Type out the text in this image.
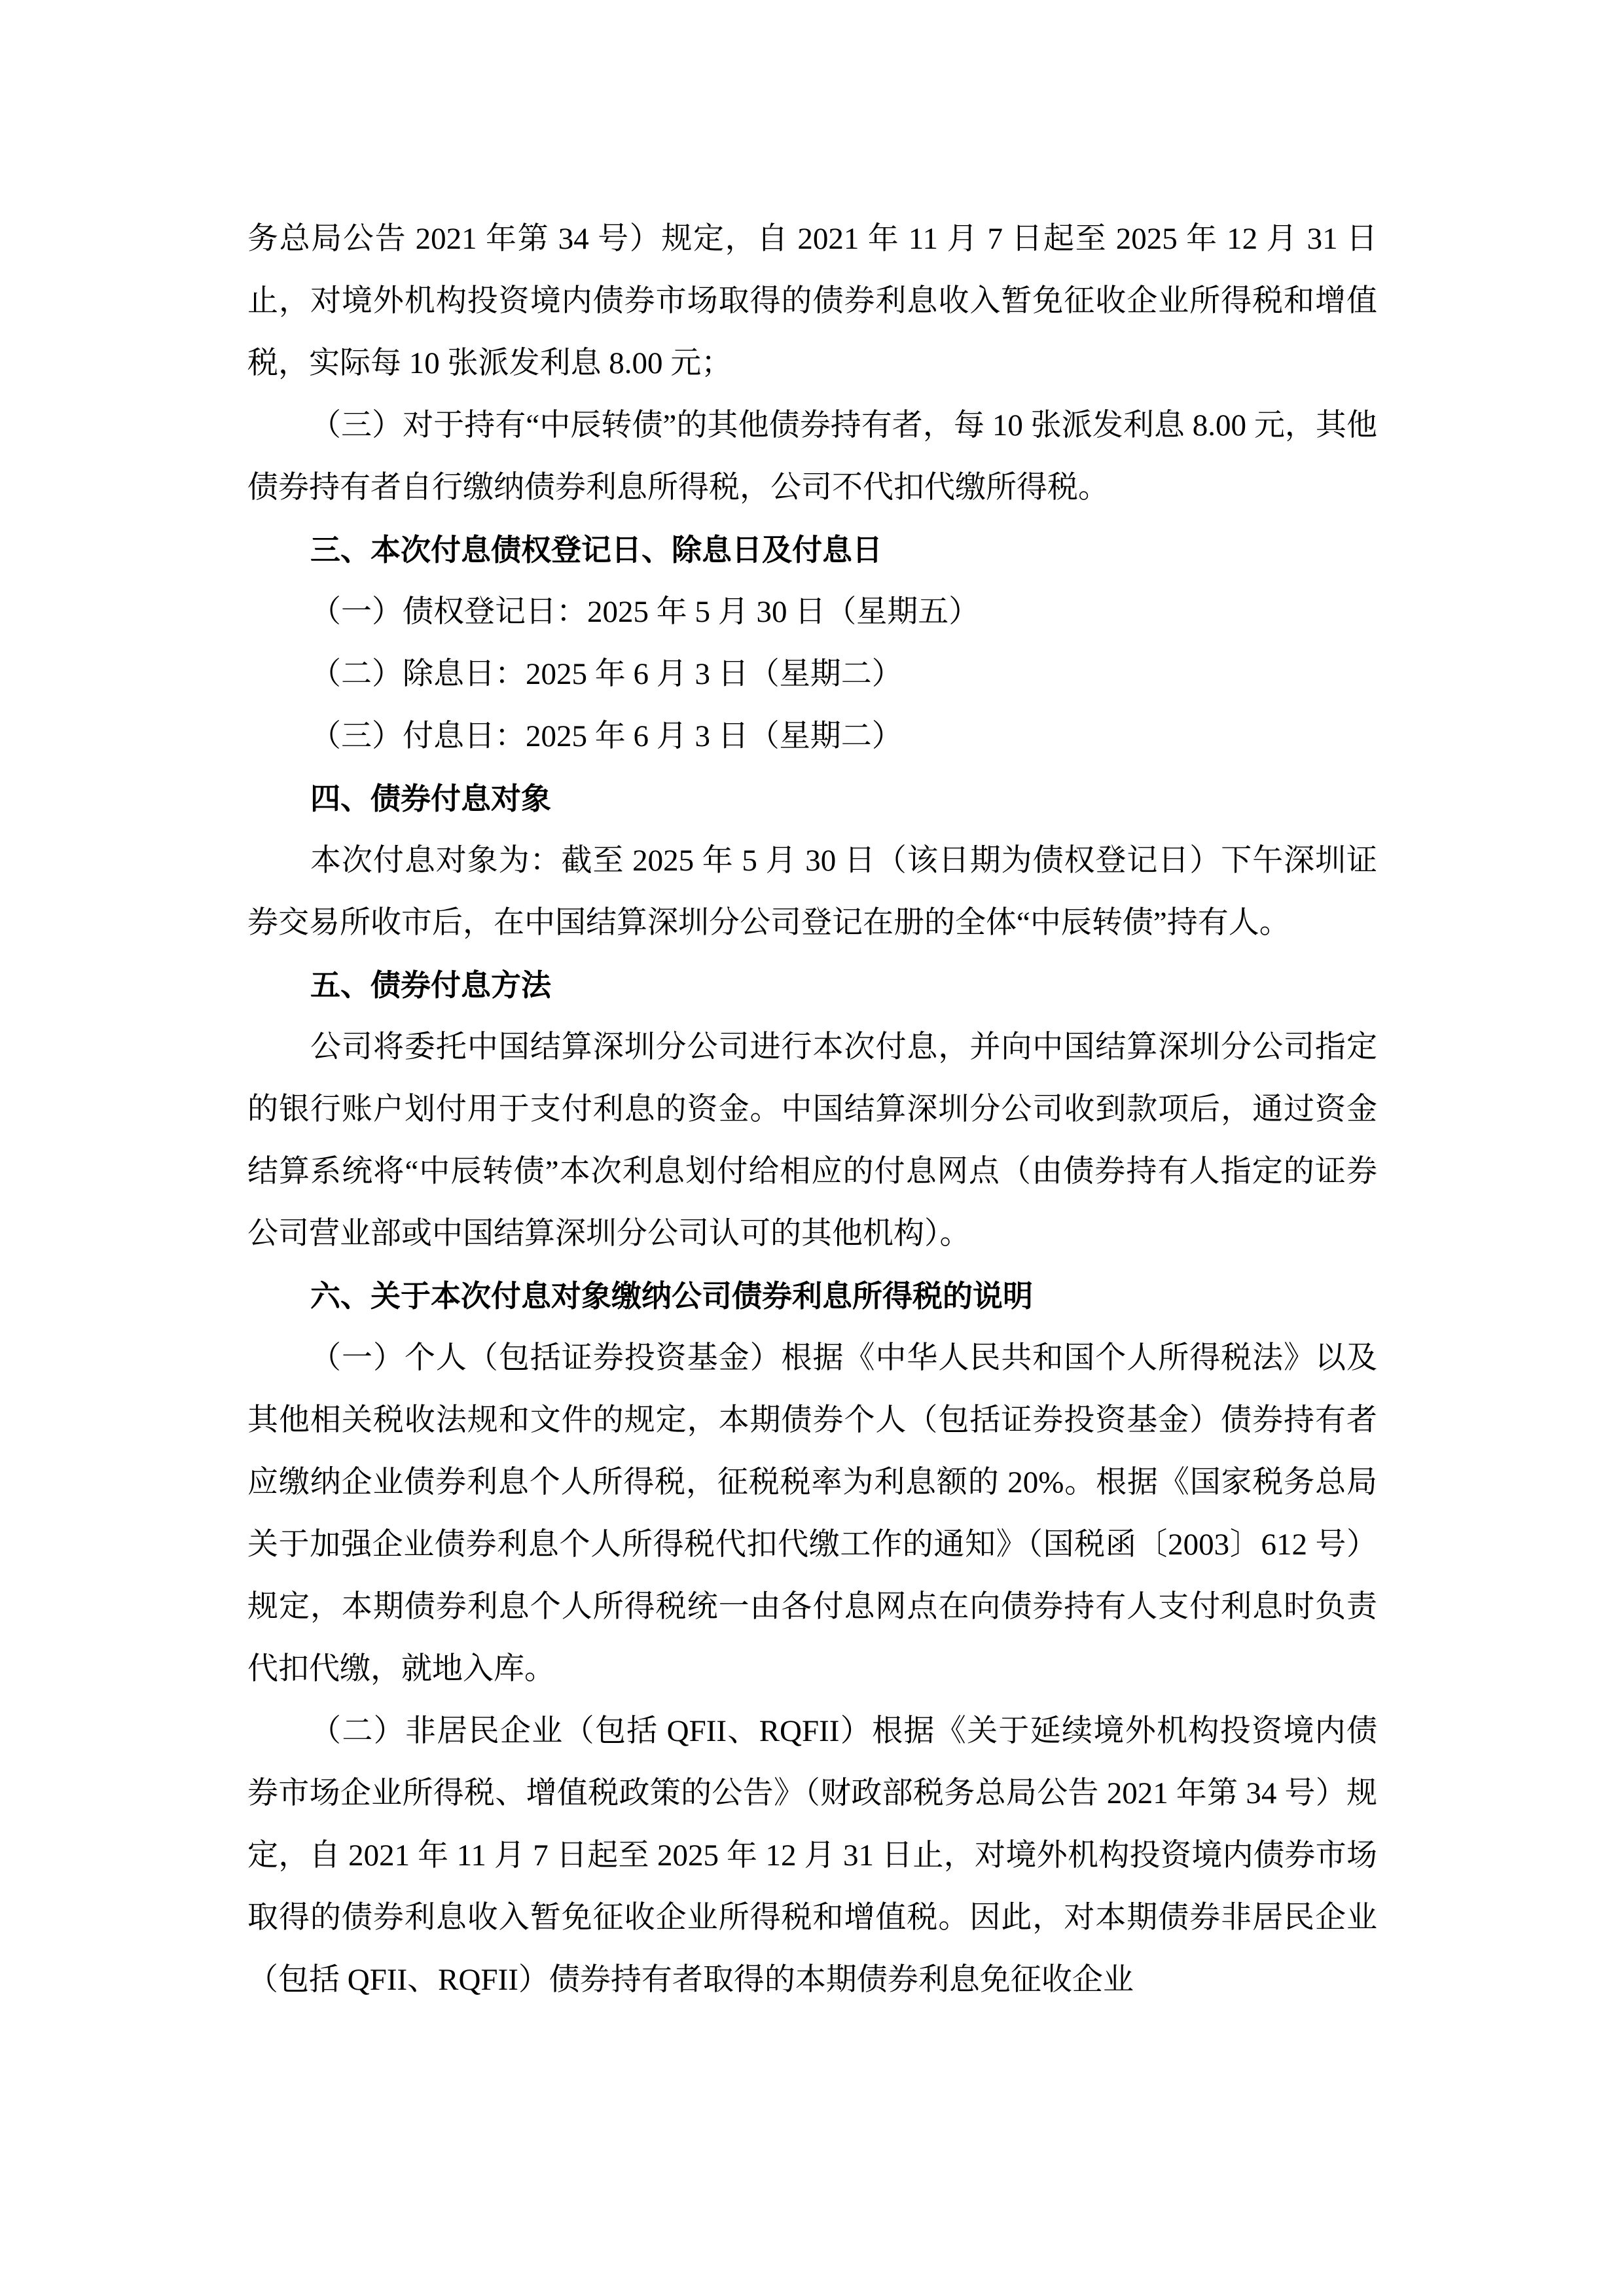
务总局公告 2021 年第 34 号）规定，自 2021 年 11 月 7 日起至 2025 年 12 月 31 日止，对境外机构投资境内债券市场取得的债券利息收入暂免征收企业所得税和增值税，实际每 10 张派发利息 8.00 元；

（三）对于持有“中辰转债”的其他债券持有者，每 10 张派发利息 8.00 元，其他债券持有者自行缴纳债券利息所得税，公司不代扣代缴所得税。

三、本次付息债权登记日、除息日及付息日

（一）债权登记日：2025 年 5 月 30 日（星期五）

（二）除息日：2025 年 6 月 3 日（星期二）

（三）付息日：2025 年 6 月 3 日（星期二）

四、债券付息对象

本次付息对象为：截至 2025 年 5 月 30 日（该日期为债权登记日）下午深圳证券交易所收市后，在中国结算深圳分公司登记在册的全体“中辰转债”持有人。

五、债券付息方法

公司将委托中国结算深圳分公司进行本次付息，并向中国结算深圳分公司指定的银行账户划付用于支付利息的资金。中国结算深圳分公司收到款项后，通过资金结算系统将“中辰转债”本次利息划付给相应的付息网点（由债券持有人指定的证券公司营业部或中国结算深圳分公司认可的其他机构）。

六、关于本次付息对象缴纳公司债券利息所得税的说明

（一）个人（包括证券投资基金）根据《中华人民共和国个人所得税法》以及其他相关税收法规和文件的规定，本期债券个人（包括证券投资基金）债券持有者应缴纳企业债券利息个人所得税，征税税率为利息额的 20%。根据《国家税务总局关于加强企业债券利息个人所得税代扣代缴工作的通知》（国税函〔2003〕612 号）规定，本期债券利息个人所得税统一由各付息网点在向债券持有人支付利息时负责代扣代缴，就地入库。

（二）非居民企业（包括 QFII、RQFII）根据《关于延续境外机构投资境内债券市场企业所得税、增值税政策的公告》（财政部税务总局公告 2021 年第 34 号）规定，自 2021 年 11 月 7 日起至 2025 年 12 月 31 日止，对境外机构投资境内债券市场取得的债券利息收入暂免征收企业所得税和增值税。因此，对本期债券非居民企业（包括 QFII、RQFII）债券持有者取得的本期债券利息免征收企业
